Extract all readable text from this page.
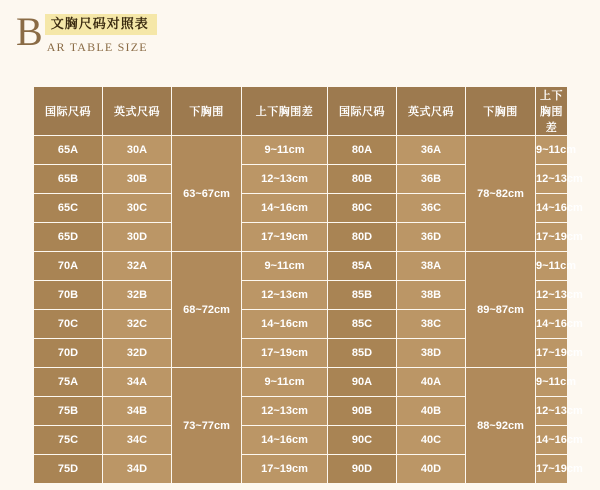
B 文胸尺码对照表
AR TABLE SIZE
国际尺码	英式尺码	下胸围	上下胸围差	国际尺码	英式尺码	下胸围	上下胸围差
65A	30A	63~67cm	9~11cm	80A	36A	78~82cm	9~11cm
65B	30B		12~13cm	80B	36B		12~13cm
65C	30C		14~16cm	80C	36C		14~16cm
65D	30D		17~19cm	80D	36D		17~19cm
70A	32A	68~72cm	9~11cm	85A	38A	89~87cm	9~11cm
70B	32B		12~13cm	85B	38B		12~13cm
70C	32C		14~16cm	85C	38C		14~16cm
70D	32D		17~19cm	85D	38D		17~19cm
75A	34A	73~77cm	9~11cm	90A	40A	88~92cm	9~11cm
75B	34B		12~13cm	90B	40B		12~13cm
75C	34C		14~16cm	90C	40C		14~16cm
75D	34D		17~19cm	90D	40D		17~19cm
